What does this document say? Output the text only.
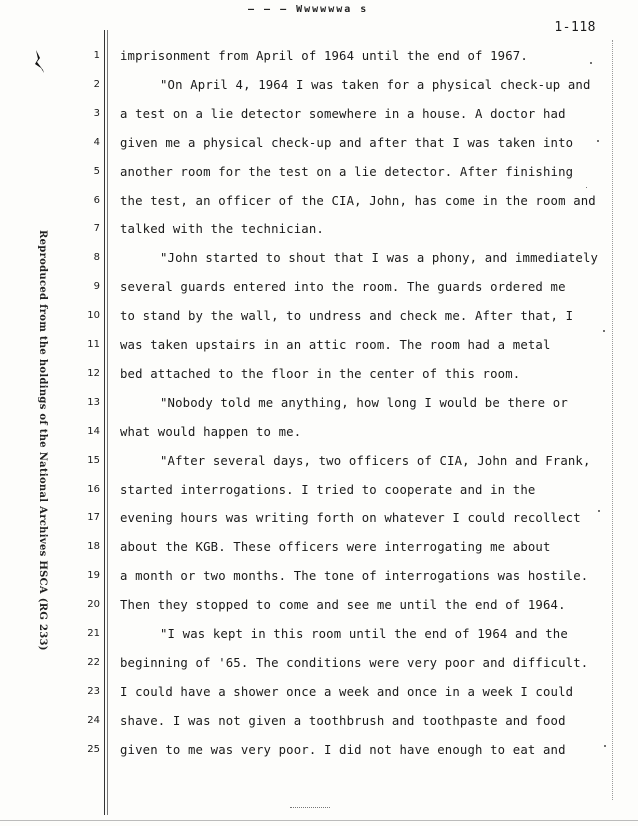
— — — Wwwwwwa s
1-118
Reproduced from the holdings of the National Archives HSCA (RG 233)
1
2
3
4
5
6
7
8
9
10
11
12
13
14
15
16
17
18
19
20
21
22
23
24
25
imprisonment from April of 1964 until the end of 1967.
"On April 4, 1964 I was taken for a physical check-up and
a test on a lie detector somewhere in a house. A doctor had
given me a physical check-up and after that I was taken into
another room for the test on a lie detector. After finishing
the test, an officer of the CIA, John, has come in the room and
talked with the technician.
"John started to shout that I was a phony, and immediately
several guards entered into the room. The guards ordered me
to stand by the wall, to undress and check me. After that, I
was taken upstairs in an attic room. The room had a metal
bed attached to the floor in the center of this room.
"Nobody told me anything, how long I would be there or
what would happen to me.
"After several days, two officers of CIA, John and Frank,
started interrogations. I tried to cooperate and in the
evening hours was writing forth on whatever I could recollect
about the KGB. These officers were interrogating me about
a month or two months. The tone of interrogations was hostile.
Then they stopped to come and see me until the end of 1964.
"I was kept in this room until the end of 1964 and the
beginning of '65. The conditions were very poor and difficult.
I could have a shower once a week and once in a week I could
shave. I was not given a toothbrush and toothpaste and food
given to me was very poor. I did not have enough to eat and
